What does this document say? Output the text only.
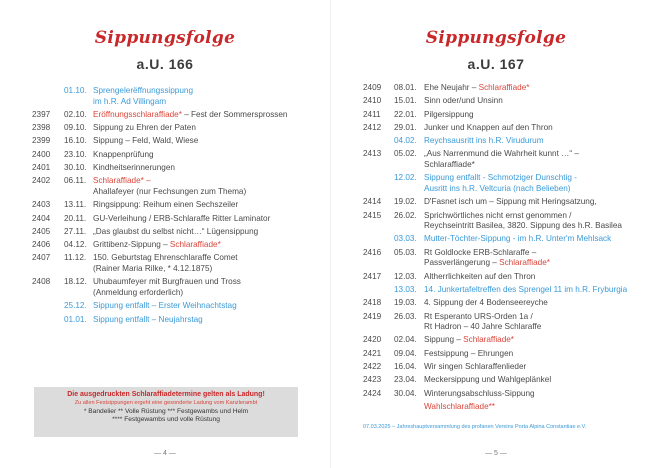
Sippungsfolge
a.U. 166
01.10. Sprengelerёffnungssippung
im h.R. Ad Villingam
2397	02.10. Eröffnungsschlaraffiade* – Fest der Sommersprossen
2398	09.10. Sippung zu Ehren der Paten
2399	16.10. Sippung – Feld, Wald, Wiese
2400	23.10. Knappenprüfung
2401	30.10. Kindheitserinnerungen
2402	06.11. Schlaraffiade* –
Ahallafeyer (nur Fechsungen zum Thema)
2403	13.11. Ringsippung: Reihum einen Sechszeiler
2404	20.11. GU-Verleihung / ERB-Schlaraffe Ritter Laminator
2405	27.11. „Das glaubst du selbst nicht…“ Lügensippung
2406	04.12. Grittibenz-Sippung – Schlaraffiade*
2407	11.12. 150. Geburtstag Ehrenschlaraffe Comet
(Rainer Maria Rilke, * 4.12.1875)
2408	18.12. Uhubaumfeyer mit Burgfrauen und Tross
(Anmeldung erforderlich)
25.12. Sippung entfallt – Erster Weihnachtstag
01.01. Sippung entfallt – Neujahrstag
Die ausgedruckten Schlaraffiadetermine gelten als Ladung!
Zu allen Festsippungen ergeht eine gesonderte Ladung vom Kanzlerambt
* Bandelier ** Volle Rüstung *** Festgewambs und Helm
**** Festgewambs und volle Rüstung
— 4 —
Sippungsfolge
a.U. 167
2409	08.01. Ehe Neujahr – Schlaraffiade*
2410	15.01. Sinn oder/und Unsinn
2411	22.01. Pilgersippung
2412	29.01. Junker und Knappen auf den Thron
04.02. Reychsausritt ins h.R. Virudurum
2413	05.02. „Aus Narrenmund die Wahrheit kunnt …“ –
Schlaraffiade*
12.02. Sippung entfallt - Schmotziger Dunschtig -
Ausritt ins h.R. Veltcuria (nach Belieben)
2414	19.02. D'Fasnet isch um – Sippung mit Heringsatzung,
2415	26.02. Sprichwörtliches nicht ernst genommen /
Reychseintritt Basilea, 3820. Sippung des h.R. Basilea
03.03. Mutter-Töchter-Sippung - im h.R. Unter'm Mehlsack
2416	05.03. Rt Goldlocke ERB-Schlaraffe –
Passverlängerung – Schlaraffiade*
2417	12.03. Altherrlichkeiten auf den Thron
13.03. 14. Junkertafeltreffen des Sprengel 11 im h.R. Fryburgia
2418	19.03. 4. Sippung der 4 Bodenseereyche
2419	26.03. Rt Esperanto URS-Orden 1a /
Rt Hadron – 40 Jahre Schlaraffe
2420	02.04. Sippung – Schlaraffiade*
2421	09.04. Festsippung – Ehrungen
2422	16.04. Wir singen Schlaraffenlieder
2423	23.04. Meckersippung und Wahlgeplänkel
2424	30.04. Winterungsabschluss-Sippung
Wahlschlaraffiade**
07.03.2025 – Jahreshauptversammlung des profanen Vereins Porta Alpina Constantiae e.V.
— 5 —
